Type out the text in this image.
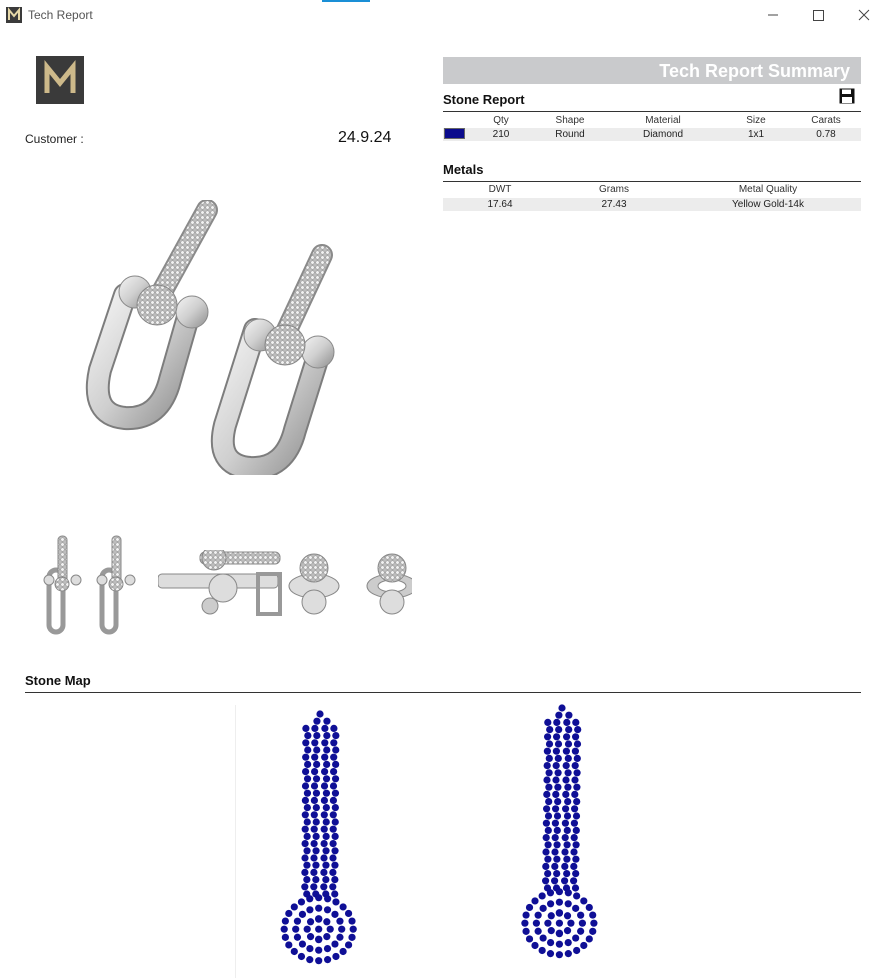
Tech Report
Customer :	24.9.24
Tech Report Summary
Stone Report
Qty	Shape	Material	Size	Carats
210	Round	Diamond	1x1	0.78
Metals
DWT	Grams	Metal Quality
17.64	27.43	Yellow Gold-14k
Stone Map
